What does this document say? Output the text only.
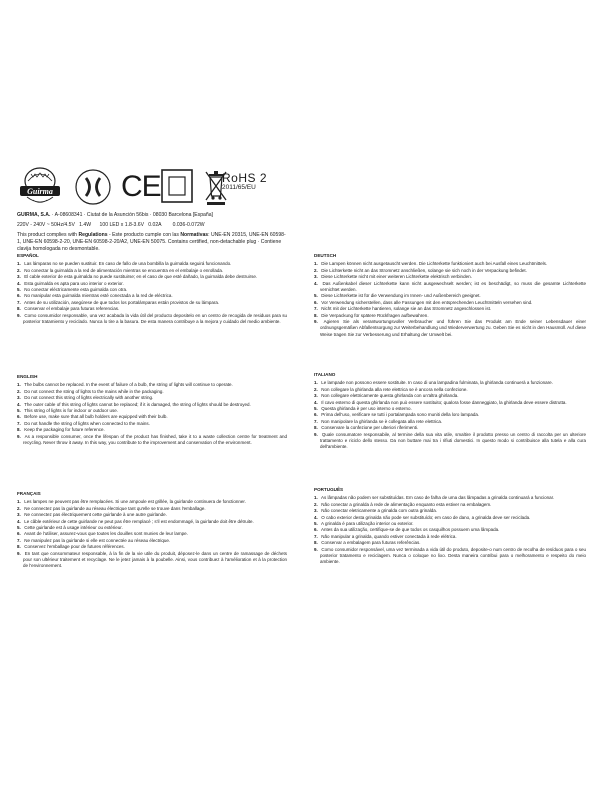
Guirma CE	RoHS 2
2011/65/EU

GUIRMA, S.A. · A-08608341 · Ciutat de la Asunción 56bis · 08030 Barcelona [España]

220V - 240V ~ 50Hz/4.5V   1.4W      100 LED x 1.8-3.6V   0.02A        0.036-0.072W

This product complies with Regulations - Este producto cumple con las Normativas: UNE-EN 20315, UNE-EN 60598-1, UNE-EN 60598-2-20, UNE-EN 60598-2-20/A2, UNE-EN 50075. Contains certified, non-detachable plug · Contiene clavija homologada no desmontable.

ESPAÑOL
1. Las lámparas no se pueden sustituir. En caso de fallo de una bombilla la guirnalda seguirá funcionando.
2. No conectar la guirnalda a la red de alimentación mientras se encuentra en el embalaje o enrollada.
3. El cable exterior de esta guirnalda no puede sustituirse; en el caso de que esté dañado, la guirnalda debe destruirse.
4. Esta guirnalda es apta para uso interior o exterior.
5. No conectar eléctricamente esta guirnalda con otra.
6. No manipular esta guirnalda mientras esté conectada a la red de eléctrica.
7. Antes de su utilización, asegúrese de que todos los portalámparas están provistos de su lámpara.
8. Conservar el embalaje para futuras referencias.
9. Como consumidor responsable, una vez acabada la vida útil del producto depositelo en un centro de recogida de residuos para su posterior tratamiento y reciclado. Nunca lo tire a la basura. De esta manera contribuye a la mejora y cuidado del medio ambiente.
ENGLISH
1. The bulbs cannot be replaced. In the event of failure of a bulb, the string of lights will continue to operate.
2. Do not connect the string of lights to the mains while in the packaging.
3. Do not connect this string of lights electrically with another string.
4. The outer cable of this string of lights cannot be replaced; if it is damaged, the string of lights should be destroyed.
5. This string of lights is for indoor or outdoor use.
6. Before use, make sure that all bulb holders are equipped with their bulb.
7. Do not handle the string of lights when connected to the mains.
8. Keep the packaging for future reference.
9. As a responsible consumer, once the lifespan of the product has finished, take it to a waste collection centre for treatment and recycling. Never throw it away. In this way, you contribute to the improvement and conservation of the environment.
FRANÇAIS
1. Les lampes ne peuvent pas être remplacées. Si une ampoule est grillée, la guirlande continuera de fonctionner.
2. Ne connectez pas la guirlande au réseau électrique tant qu'elle se trouve dans l'emballage.
3. Ne connectez pas électriquement cette guirlande à une autre guirlande.
4. Le câble extérieur de cette guirlande ne peut pas être remplacé ; s'il est endommagé, la guirlande doit être détruite.
5. Cette guirlande est à usage intérieur ou extérieur.
6. Avant de l'utiliser, assurez-vous que toutes les douilles sont munies de leur lampe.
7. Ne manipulez pas la guirlande si elle est connectée au réseau électrique.
8. Conservez l'emballage pour de futures références.
9. En tant que consommateur responsable, à la fin de la vie utile du produit, déposez-le dans un centre de ramassage de déchets pour son ultérieur traitement et recyclage. Ne le jetez jamais à la poubelle. Ainsi, vous contribuez à l'amélioration et à la protection de l'environnement.
DEUTSCH
1. Die Lampen können nicht ausgetauscht werden. Die Lichterkette funktioniert auch bei Ausfall eines Leuchtmittels.
2. Die Lichterkette nicht an das Stromnetz anschließen, solange sie sich noch in der Verpackung befindet.
3. Diese Lichterkette nicht mit einer weiteren Lichterkette elektrisch verbinden.
4. Das Außenkabel dieser Lichterkette kann nicht ausgewechselt werden; ist es beschädigt, so muss die gesamte Lichterkette vernichtet werden.
5. Diese Lichterkette ist für die Verwendung im Innen- und Außenbereich geeignet.
6. Vor Verwendung sicherstellen, dass alle Fassungen mit den entsprechenden Leuchtmitteln versehen sind.
7. Nicht mit der Lichterkette hantieren, solange sie an das Stromnetz angeschlossen ist.
8. Die Verpackung für spätere Rückfragen aufbewahren.
9. Agieren Sie als verantwortungsvoller Verbraucher und führen Sie das Produkt am Ende seiner Lebensdauer einer ordnungsgemäßen Abfallentsorgung zur Weiterbehandlung und Wiederverwertung zu. Geben Sie es nicht in den Hausmüll. Auf diese Weise tragen Sie zur Verbesserung und Erhaltung der Umwelt bei.
ITALIANO
1. Le lampade non possono essere sostituite. In caso di una lampadina fulminata, la ghirlanda continuerà a funzionare.
2. Non collegare la ghirlanda alla rete elettrica se è ancora nella confezione.
3. Non collegare elettricamente questa ghirlanda con un'altra ghirlanda.
4. Il cavo esterno di questa ghirlanda non può essere sostituito; qualora fosse danneggiato, la ghirlanda deve essere distrutta.
5. Questa ghirlanda è per uso interno o esterno.
6. Prima dell'uso, verificare se tutti i portalampada sono muniti della loro lampada.
7. Non manipolare la ghirlanda se è collegata alla rete elettrica.
8. Conservare la confezione per ulteriori riferimenti.
9. Quale consumatore responsabile, al termine della sua vita utile, smaltire il prodotto presso un centro di raccolta per un ulteriore trattamento e riciclo dello stesso. Da non buttare mai tra i rifiuti domestici. In questo modo si contribuisce alla tutela e alla cura dell'ambiente.
PORTUGUÊS
1. As lâmpadas não podem ser substituídas. Em caso de falha de uma das lâmpadas a grinalda continuará a funcionar.
2. Não conectar a grinalda à rede de alimentação enquanto esta estiver na embalagem.
3. Não conectar eletricamente a grinalda com outra grinalda.
4. O cabo exterior desta grinalda não pode ser substituído; em caso de dano, a grinalda deve ser reciclada.
5. A grinalda é para utilização interior ou exterior.
6. Antes da sua utilização, certifique-se de que todos os casquilhos possuem uma lâmpada.
7. Não manipular a grinalda, quando estiver conectada à rede elétrica.
8. Conservar a embalagem para futuras referências.
9. Como consumidor responsável, uma vez terminada a vida útil do produto, deposite-o num centro de recolha de resíduos para o seu posterior tratamento e reciclagem. Nunca o coloque no lixo. Desta maneira contribui para o melhoramento e respeito do meio ambiente.
